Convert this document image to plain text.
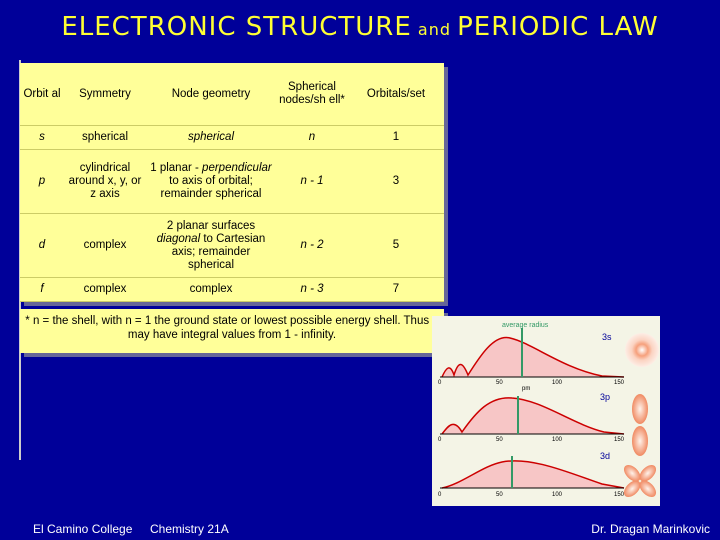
ELECTRONIC STRUCTURE and PERIODIC LAW
Orbit al	Symmetry	Node geometry	Spherical nodes/sh ell*	Orbitals/set
s	spherical	spherical	n	1
p	cylindrical around x, y, or z axis	1 planar - perpendicular to axis of orbital; remainder spherical	n - 1	3
d	complex	2 planar surfaces diagonal to Cartesian axis; remainder spherical	n - 2	5
f	complex	complex	n - 3	7
* n = the shell, with n = 1 the ground state or lowest possible energy shell. Thus may have integral values from 1 - infinity.
average radius
3s
0	50	100	150
pm
3p
0	50	100	150
3d
0	50	100	150
El Camino College Chemistry 21A	Dr. Dragan Marinkovic
